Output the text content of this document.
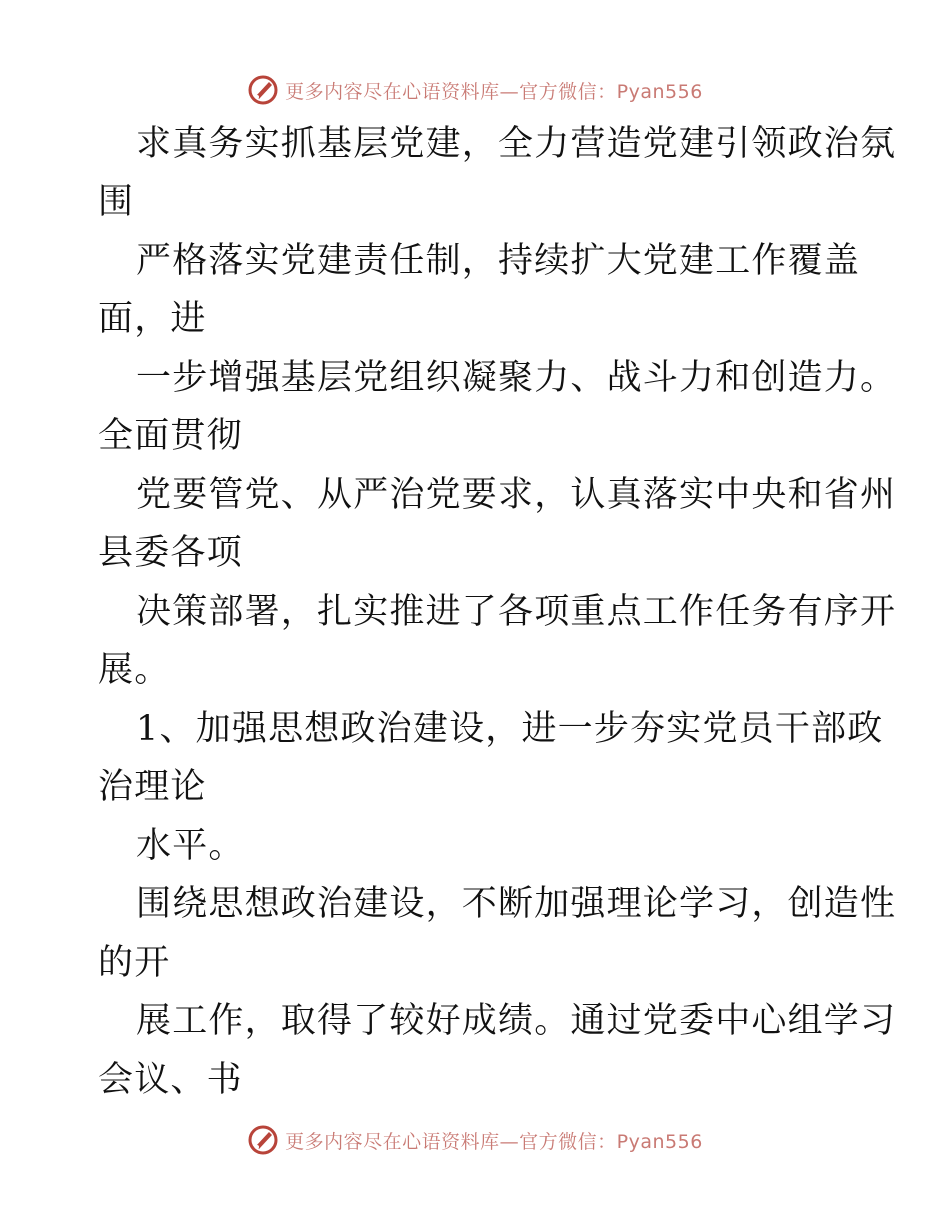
更多内容尽在心语资料库—官方微信：Pyan556
求真务实抓基层党建，全力营造党建引领政治氛
围
严格落实党建责任制，持续扩大党建工作覆盖
面，进
一步增强基层党组织凝聚力、战斗力和创造力。
全面贯彻
党要管党、从严治党要求，认真落实中央和省州
县委各项
决策部署，扎实推进了各项重点工作任务有序开
展。
1、加强思想政治建设，进一步夯实党员干部政
治理论
水平。
围绕思想政治建设，不断加强理论学习，创造性
的开
展工作，取得了较好成绩。通过党委中心组学习
会议、书
更多内容尽在心语资料库—官方微信：Pyan556
